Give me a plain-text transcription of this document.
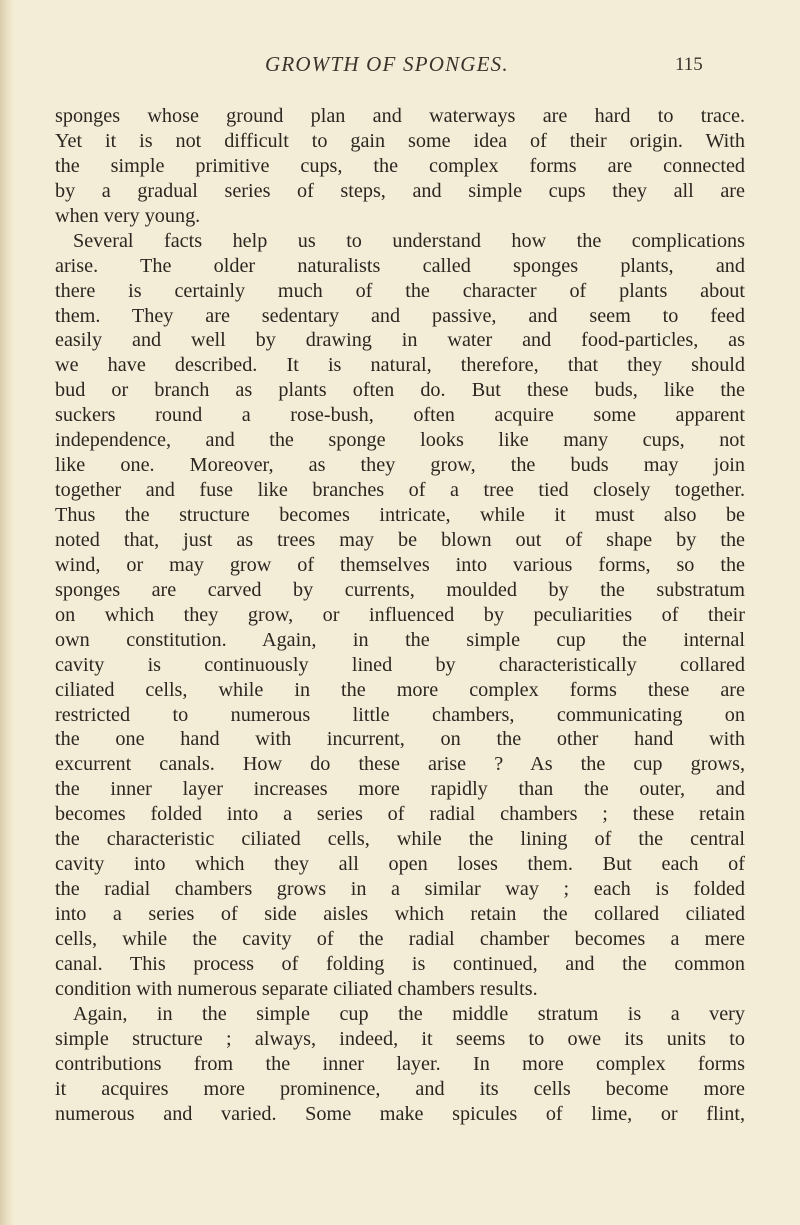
GROWTH OF SPONGES.	115
sponges whose ground plan and waterways are hard to trace.
Yet it is not difficult to gain some idea of their origin. With
the simple primitive cups, the complex forms are connected
by a gradual series of steps, and simple cups they all are
when very young.
Several facts help us to understand how the complications
arise. The older naturalists called sponges plants, and
there is certainly much of the character of plants about
them. They are sedentary and passive, and seem to feed
easily and well by drawing in water and food-particles, as
we have described. It is natural, therefore, that they should
bud or branch as plants often do. But these buds, like the
suckers round a rose-bush, often acquire some apparent
independence, and the sponge looks like many cups, not
like one. Moreover, as they grow, the buds may join
together and fuse like branches of a tree tied closely together.
Thus the structure becomes intricate, while it must also be
noted that, just as trees may be blown out of shape by the
wind, or may grow of themselves into various forms, so the
sponges are carved by currents, moulded by the substratum
on which they grow, or influenced by peculiarities of their
own constitution. Again, in the simple cup the internal
cavity is continuously lined by characteristically collared
ciliated cells, while in the more complex forms these are
restricted to numerous little chambers, communicating on
the one hand with incurrent, on the other hand with
excurrent canals. How do these arise ? As the cup grows,
the inner layer increases more rapidly than the outer, and
becomes folded into a series of radial chambers ; these retain
the characteristic ciliated cells, while the lining of the central
cavity into which they all open loses them. But each of
the radial chambers grows in a similar way ; each is folded
into a series of side aisles which retain the collared ciliated
cells, while the cavity of the radial chamber becomes a mere
canal. This process of folding is continued, and the common
condition with numerous separate ciliated chambers results.
Again, in the simple cup the middle stratum is a very
simple structure ; always, indeed, it seems to owe its units to
contributions from the inner layer. In more complex forms
it acquires more prominence, and its cells become more
numerous and varied. Some make spicules of lime, or flint,
